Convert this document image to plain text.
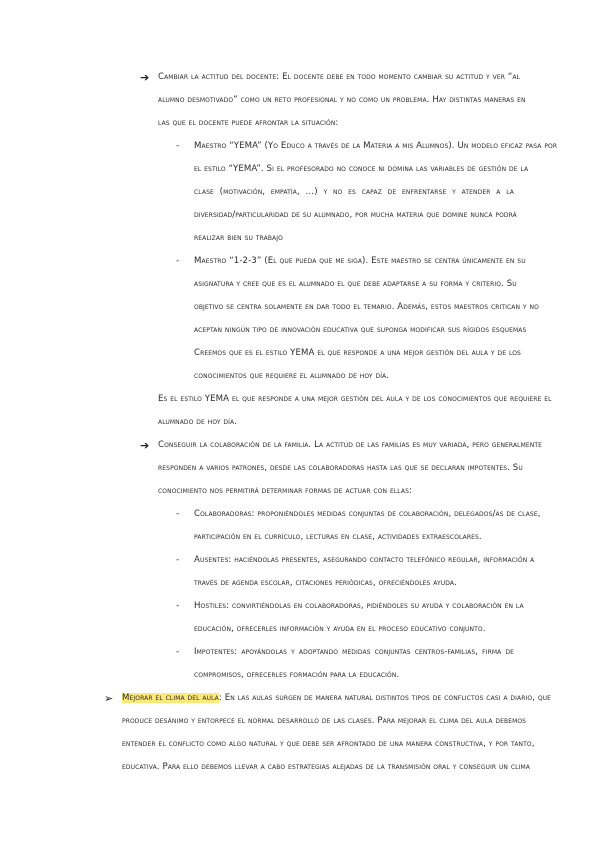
➔ Cambiar la actitud del docente: El docente debe en todo momento cambiar su actitud y ver “al
alumno desmotivado” como un reto profesional y no como un problema. Hay distintas maneras en
las que el docente puede afrontar la situación:
- Maestro “YEMA” (Yo Educo a través de la Materia a mis Alumnos). Un modelo eficaz pasa por
el estilo “YEMA”. Si el profesorado no conoce ni domina las variables de gestión de la
clase (motivación, empatía, …) y no es capaz de enfrentarse y atender a la
diversidad/particularidad de su alumnado, por mucha materia que domine nunca podrá
realizar bien su trabajo
- Maestro “1-2-3” (El que pueda que me siga). Este maestro se centra únicamente en su
asignatura y cree que es el alumnado el que debe adaptarse a su forma y criterio. Su
objetivo se centra solamente en dar todo el temario. Además, estos maestros critican y no
aceptan ningún tipo de innovación educativa que suponga modificar sus rígidos esquemas
Creemos que es el estilo YEMA el que responde a una mejor gestión del aula y de los
conocimientos que requiere el alumnado de hoy día.
Es el estilo YEMA el que responde a una mejor gestión del aula y de los conocimientos que requiere el
alumnado de hoy día.
➔ Conseguir la colaboración de la familia. La actitud de las familias es muy variada, pero generalmente
responden a varios patrones, desde las colaboradoras hasta las que se declaran impotentes. Su
conocimiento nos permitirá determinar formas de actuar con ellas:
- Colaboradoras: proponiéndoles medidas conjuntas de colaboración, delegados/as de clase,
participación en el currículo, lecturas en clase, actividades extraescolares.
- Ausentes: haciéndolas presentes, asegurando contacto telefónico regular, información a
través de agenda escolar, citaciones periódicas, ofreciéndoles ayuda.
- Hostiles: convirtiéndolas en colaboradoras, pidiéndoles su ayuda y colaboración en la
educación, ofrecerles información y ayuda en el proceso educativo conjunto.
- Impotentes: apoyándolas y adoptando medidas conjuntas centros-familias, firma de
compromisos, ofrecerles formación para la educación.
➢ Mejorar el clima del aula: En las aulas surgen de manera natural distintos tipos de conflictos casi a diario, que
produce desánimo y entorpece el normal desarrollo de las clases. Para mejorar el clima del aula debemos
entender el conflicto como algo natural y que debe ser afrontado de una manera constructiva, y por tanto,
educativa. Para ello debemos llevar a cabo estrategias alejadas de la transmisión oral y conseguir un clima
